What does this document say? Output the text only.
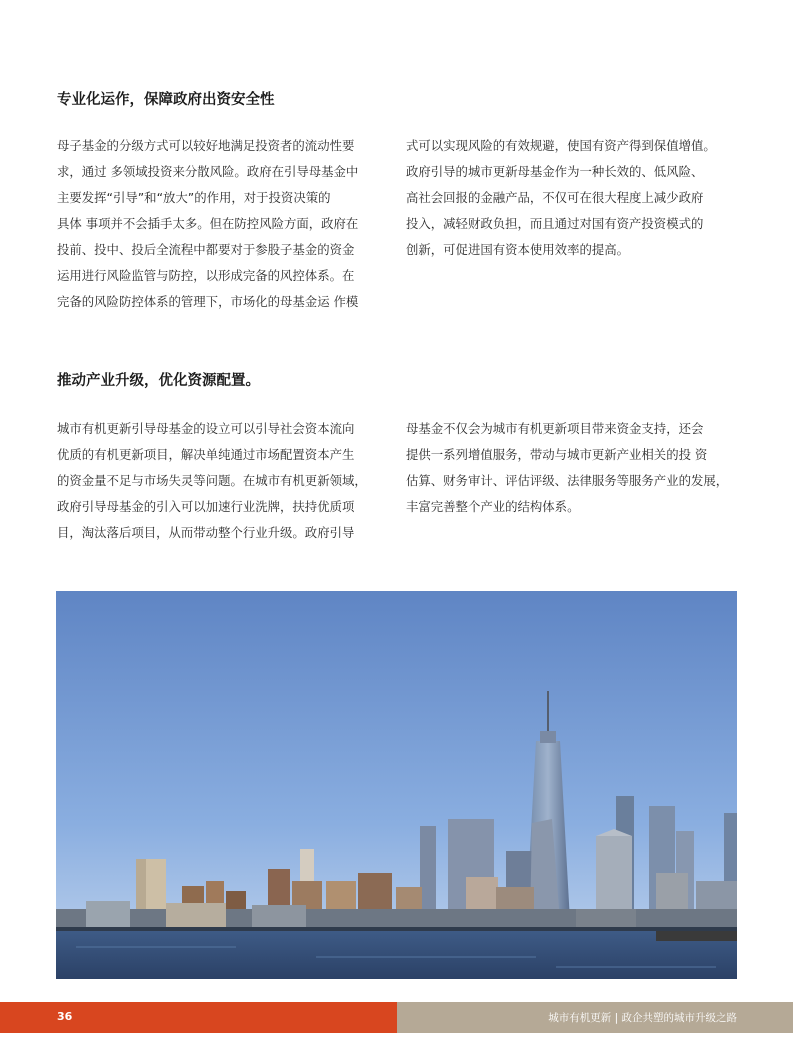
专业化运作，保障政府出资安全性
母子基金的分级方式可以较好地满足投资者的流动性要
求，通过 多领域投资来分散风险。政府在引导母基金中
主要发挥“引导”和“放大”的作用，对于投资决策的
具体 事项并不会插手太多。但在防控风险方面，政府在
投前、投中、投后全流程中都要对于参股子基金的资金
运用进行风险监管与防控，以形成完备的风控体系。在
完备的风险防控体系的管理下，市场化的母基金运 作模
式可以实现风险的有效规避，使国有资产得到保值增值。
政府引导的城市更新母基金作为一种长效的、低风险、
高社会回报的金融产品，不仅可在很大程度上减少政府
投入，减轻财政负担，而且通过对国有资产投资模式的
创新，可促进国有资本使用效率的提高。
推动产业升级，优化资源配置。
城市有机更新引导母基金的设立可以引导社会资本流向
优质的有机更新项目，解决单纯通过市场配置资本产生
的资金量不足与市场失灵等问题。在城市有机更新领域，
政府引导母基金的引入可以加速行业洗牌，扶持优质项
目，淘汰落后项目，从而带动整个行业升级。政府引导
母基金不仅会为城市有机更新项目带来资金支持，还会
提供一系列增值服务，带动与城市更新产业相关的投 资
估算、财务审计、评估评级、法律服务等服务产业的发展，
丰富完善整个产业的结构体系。
36	城市有机更新 | 政企共塑的城市升级之路
